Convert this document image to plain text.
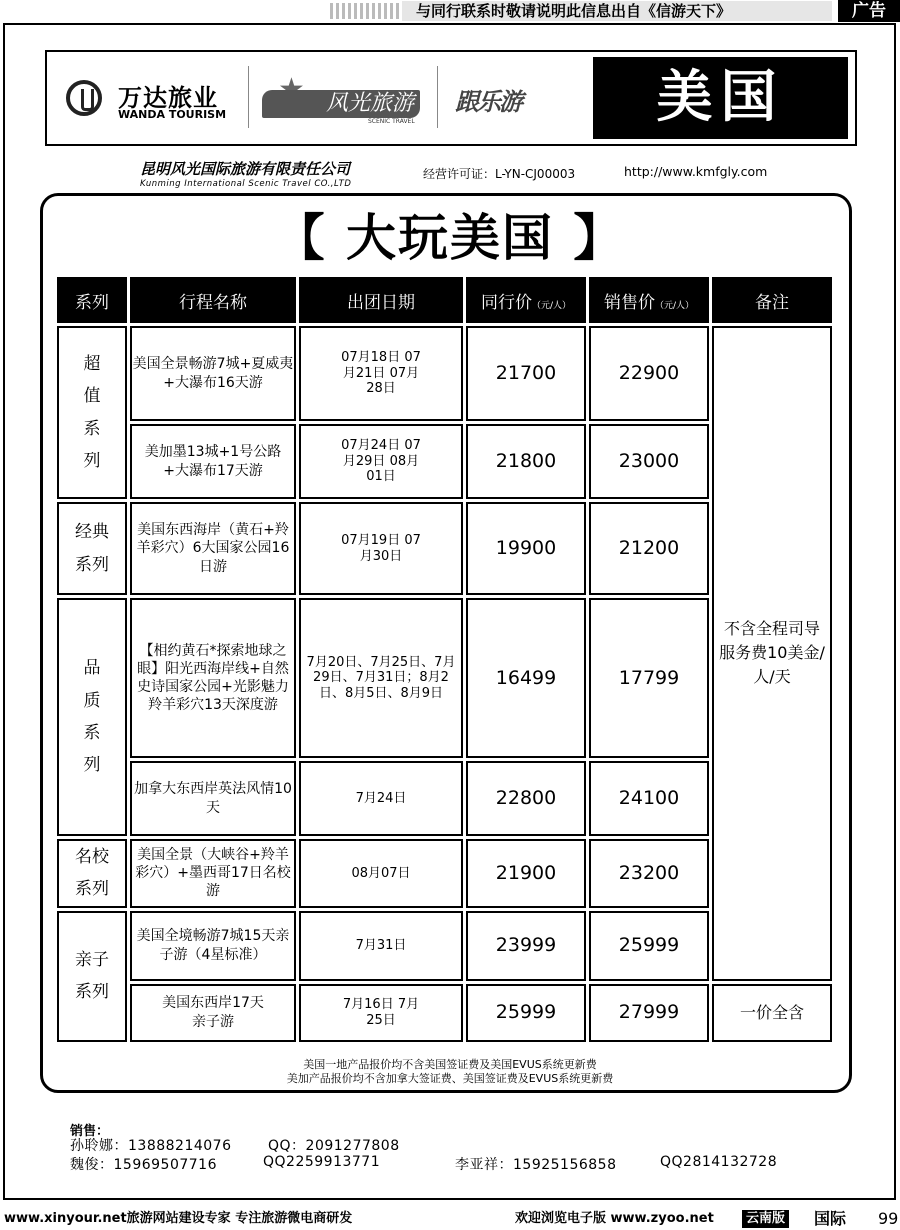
与同行联系时敬请说明此信息出自《信游天下》	广告
万达旅业
WANDA TOURISM	风光旅游
SCENIC TRAVEL
跟乐游	美国
昆明风光国际旅游有限责任公司
Kunming International Scenic Travel CO.,LTD
经营许可证：L-YN-CJ00003	http://www.kmfgly.com
【 大玩美国 】
系列	行程名称	出团日期	同行价（元/人）	销售价（元/人）	备注

超值系列	美国全景畅游7城+夏威夷+大瀑布16天游	07月18日 07月21日 07月28日	21700	22900	不含全程司导服务费10美金/人/天

	美加墨13城+1号公路+大瀑布17天游	07月24日 07月29日 08月01日	21800	23000	

经典系列	美国东西海岸（黄石+羚羊彩穴）6大国家公园16日游	07月19日 07月30日	19900	21200	

品质系列	【相约黄石*探索地球之眼】阳光西海岸线+自然史诗国家公园+光影魅力羚羊彩穴13天深度游	7月20日、7月25日、7月29日、7月31日；8月2日、8月5日、8月9日	16499	17799	
	加拿大东西岸英法风情10天	7月24日	22800	24100	

名校系列	美国全景（大峡谷+羚羊彩穴）+墨西哥17日名校游	08月07日	21900	23200	

亲子系列	美国全境畅游7城15天亲子游（4星标准）	7月31日	23999	25999	

	美国东西岸17天亲子游	7月16日 7月25日	25999	27999	一价全含
美国一地产品报价均不含美国签证费及美国EVUS系统更新费
美加产品报价均不含加拿大签证费、美国签证费及EVUS系统更新费
销售：
孙聆娜：13888214076	QQ：2091277808
魏俊：15969507716	QQ2259913771	李亚祥：15925156858	QQ2814132728
www.xinyour.net旅游网站建设专家 专注旅游微电商研发	欢迎浏览电子版 www.zyoo.net	云南版 国际 99
